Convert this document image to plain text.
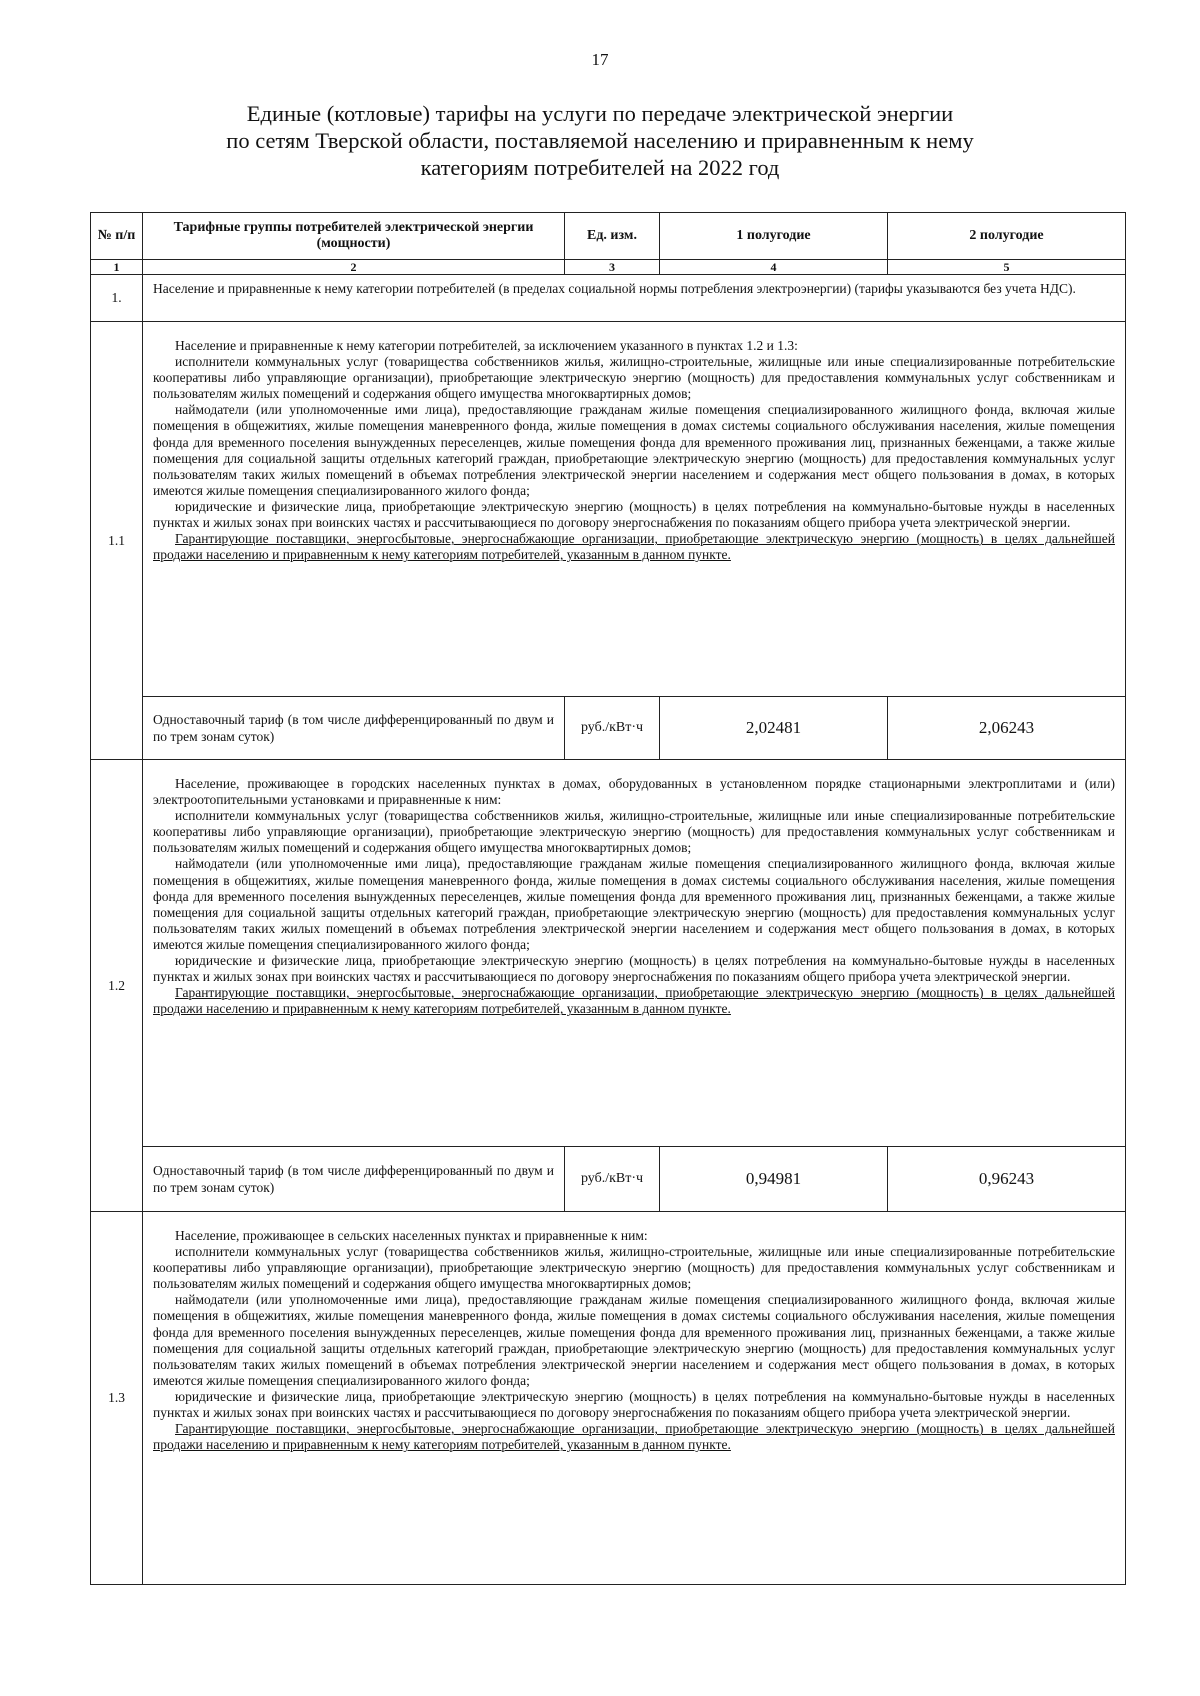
17
Единые (котловые) тарифы на услуги по передаче электрической энергии
по сетям Тверской области, поставляемой населению и приравненным к нему
категориям потребителей на 2022 год
№ п/п	Тарифные группы потребителей электрической энергии (мощности)	Ед. изм.	1 полугодие	2 полугодие
1	2	3	4	5
1.	Население и приравненные к нему категории потребителей (в пределах социальной нормы потребления электроэнергии) (тарифы указываются без учета НДС).			
1.1	Население и приравненные к нему категории потребителей, за исключением указанного в пунктах 1.2 и 1.3:

исполнители коммунальных услуг (товарищества собственников жилья, жилищно-строительные, жилищные или иные специализированные потребительские кооперативы либо управляющие организации), приобретающие электрическую энергию (мощность) для предоставления коммунальных услуг собственникам и пользователям жилых помещений и содержания общего имущества многоквартирных домов;

наймодатели (или уполномоченные ими лица), предоставляющие гражданам жилые помещения специализированного жилищного фонда, включая жилые помещения в общежитиях, жилые помещения маневренного фонда, жилые помещения в домах системы социального обслуживания населения, жилые помещения фонда для временного поселения вынужденных переселенцев, жилые помещения фонда для временного проживания лиц, признанных беженцами, а также жилые помещения для социальной защиты отдельных категорий граждан, приобретающие электрическую энергию (мощность) для предоставления коммунальных услуг пользователям таких жилых помещений в объемах потребления электрической энергии населением и содержания мест общего пользования в домах, в которых имеются жилые помещения специализированного жилого фонда;

юридические и физические лица, приобретающие электрическую энергию (мощность) в целях потребления на коммунально-бытовые нужды в населенных пунктах и жилых зонах при воинских частях и рассчитывающиеся по договору энергоснабжения по показаниям общего прибора учета электрической энергии.

Гарантирующие поставщики, энергосбытовые, энергоснабжающие организации, приобретающие электрическую энергию (мощность) в целях дальнейшей продажи населению и приравненным к нему категориям потребителей, указанным в данном пункте.			

	Одноставочный тариф (в том числе дифференцированный по двум и по трем зонам суток)	руб./кВт·ч	2,02481	2,06243
1.2	Население, проживающее в городских населенных пунктах в домах, оборудованных в установленном порядке стационарными электроплитами и (или) электроотопительными установками и приравненные к ним:

исполнители коммунальных услуг (товарищества собственников жилья, жилищно-строительные, жилищные или иные специализированные потребительские кооперативы либо управляющие организации), приобретающие электрическую энергию (мощность) для предоставления коммунальных услуг собственникам и пользователям жилых помещений и содержания общего имущества многоквартирных домов;

наймодатели (или уполномоченные ими лица), предоставляющие гражданам жилые помещения специализированного жилищного фонда, включая жилые помещения в общежитиях, жилые помещения маневренного фонда, жилые помещения в домах системы социального обслуживания населения, жилые помещения фонда для временного поселения вынужденных переселенцев, жилые помещения фонда для временного проживания лиц, признанных беженцами, а также жилые помещения для социальной защиты отдельных категорий граждан, приобретающие электрическую энергию (мощность) для предоставления коммунальных услуг пользователям таких жилых помещений в объемах потребления электрической энергии населением и содержания мест общего пользования в домах, в которых имеются жилые помещения специализированного жилого фонда;

юридические и физические лица, приобретающие электрическую энергию (мощность) в целях потребления на коммунально-бытовые нужды в населенных пунктах и жилых зонах при воинских частях и рассчитывающиеся по договору энергоснабжения по показаниям общего прибора учета электрической энергии.

Гарантирующие поставщики, энергосбытовые, энергоснабжающие организации, приобретающие электрическую энергию (мощность) в целях дальнейшей продажи населению и приравненным к нему категориям потребителей, указанным в данном пункте.			

	Одноставочный тариф (в том числе дифференцированный по двум и по трем зонам суток)	руб./кВт·ч	0,94981	0,96243
1.3	Население, проживающее в сельских населенных пунктах и приравненные к ним:

исполнители коммунальных услуг (товарищества собственников жилья, жилищно-строительные, жилищные или иные специализированные потребительские кооперативы либо управляющие организации), приобретающие электрическую энергию (мощность) для предоставления коммунальных услуг собственникам и пользователям жилых помещений и содержания общего имущества многоквартирных домов;

наймодатели (или уполномоченные ими лица), предоставляющие гражданам жилые помещения специализированного жилищного фонда, включая жилые помещения в общежитиях, жилые помещения маневренного фонда, жилые помещения в домах системы социального обслуживания населения, жилые помещения фонда для временного поселения вынужденных переселенцев, жилые помещения фонда для временного проживания лиц, признанных беженцами, а также жилые помещения для социальной защиты отдельных категорий граждан, приобретающие электрическую энергию (мощность) для предоставления коммунальных услуг пользователям таких жилых помещений в объемах потребления электрической энергии населением и содержания мест общего пользования в домах, в которых имеются жилые помещения специализированного жилого фонда;

юридические и физические лица, приобретающие электрическую энергию (мощность) в целях потребления на коммунально-бытовые нужды в населенных пунктах и жилых зонах при воинских частях и рассчитывающиеся по договору энергоснабжения по показаниям общего прибора учета электрической энергии.

Гарантирующие поставщики, энергосбытовые, энергоснабжающие организации, приобретающие электрическую энергию (мощность) в целях дальнейшей продажи населению и приравненным к нему категориям потребителей, указанным в данном пункте.			
